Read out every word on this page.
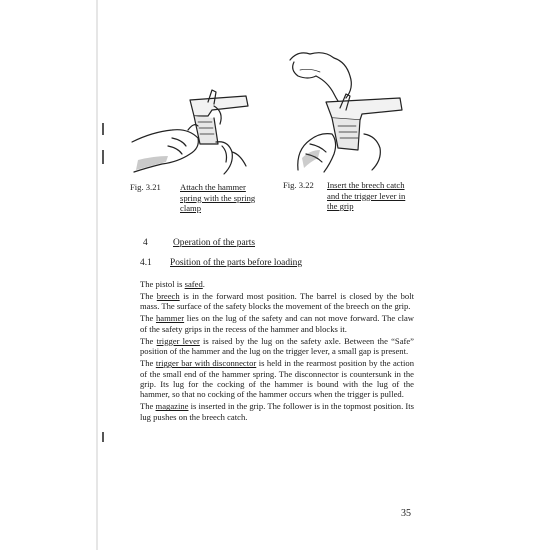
Fig. 3.21 Attach the hammer spring with the spring clamp
Fig. 3.22 Insert the breech catch and the trigger lever in the grip
4	Operation of the parts
4.1 Position of the parts before loading

The pistol is safed.

The breech is in the forward most position. The barrel is closed by the bolt mass. The surface of the safety blocks the movement of the breech on the grip.

The hammer lies on the lug of the safety and can not move forward. The claw of the safety grips in the recess of the hammer and blocks it.

The trigger lever is raised by the lug on the safety axle. Between the “Safe” position of the hammer and the lug on the trigger lever, a small gap is present.

The trigger bar with disconnector is held in the rearmost position by the action of the small end of the hammer spring. The disconnector is countersunk in the grip. Its lug for the cocking of the hammer is bound with the lug of the hammer, so that no cocking of the hammer occurs when the trigger is pulled.

The magazine is inserted in the grip. The follower is in the topmost position. Its lug pushes on the breech catch.

35
